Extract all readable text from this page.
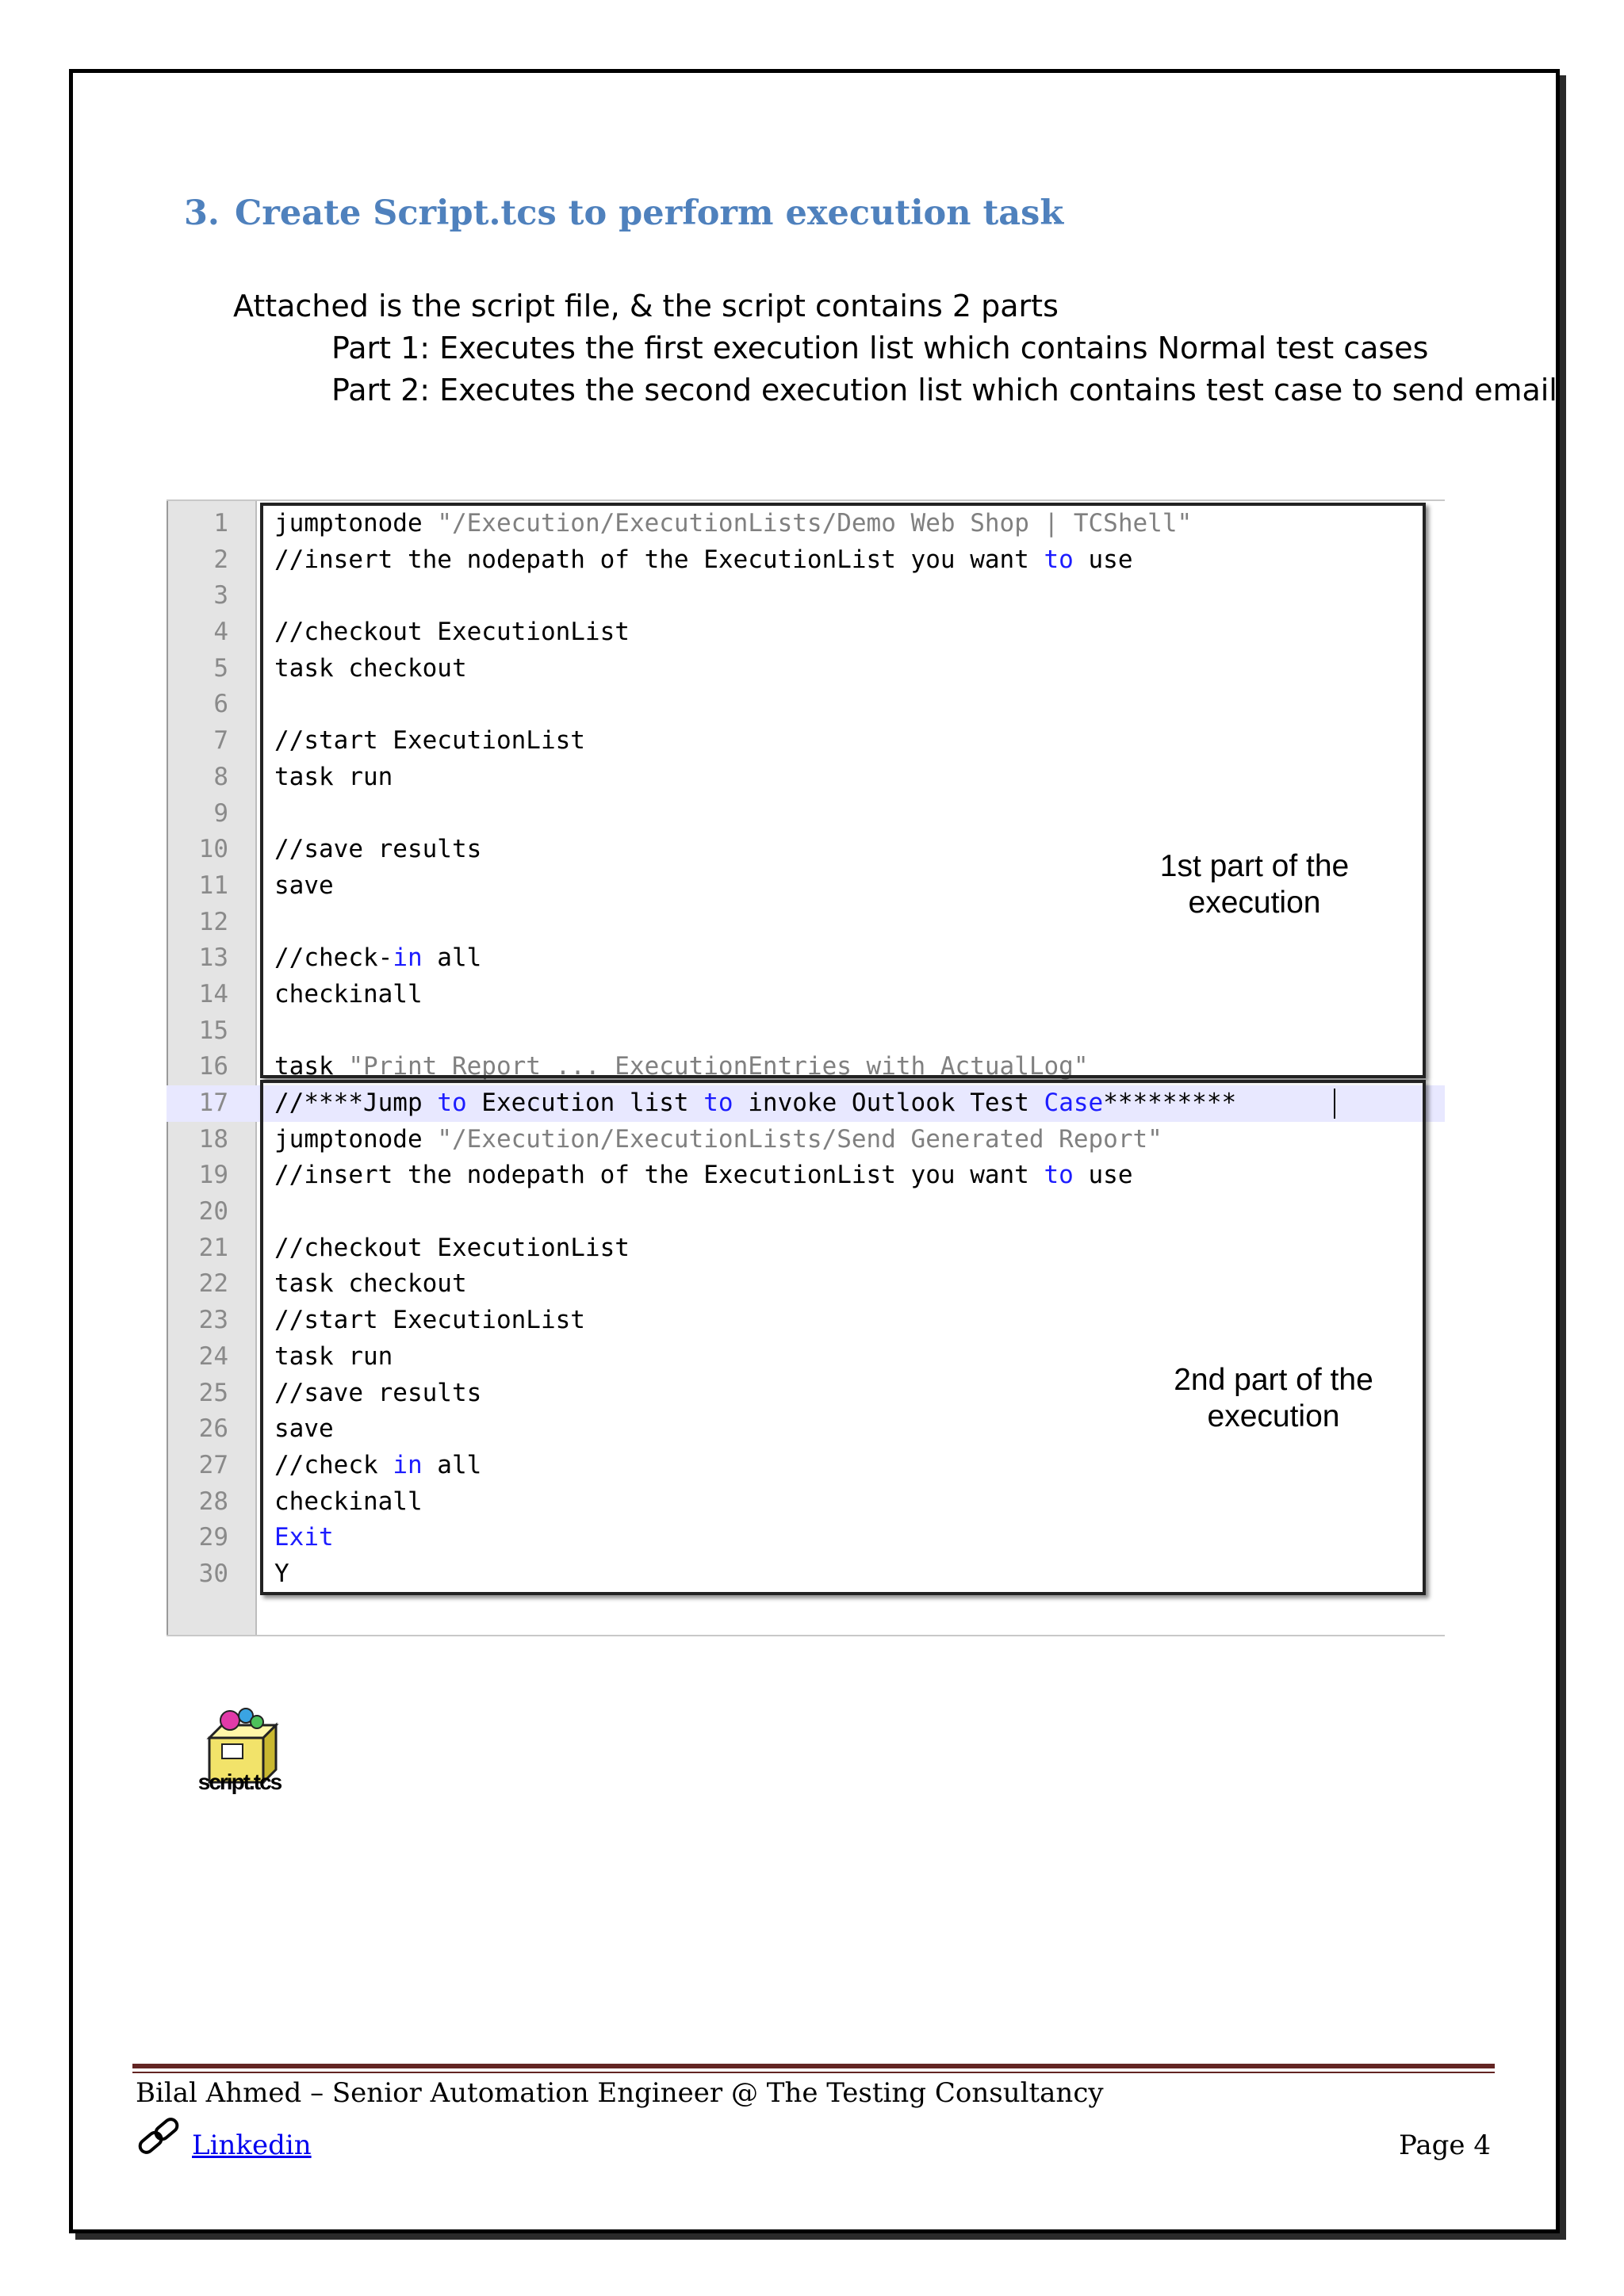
3. Create Script.tcs to perform execution task
Attached is the script file, & the script contains 2 parts
Part 1: Executes the first execution list which contains Normal test cases
Part 2: Executes the second execution list which contains test case to send email
1 jumptonode "/Execution/ExecutionLists/Demo Web Shop | TCShell"
2 //insert the nodepath of the ExecutionList you want to use
3
4 //checkout ExecutionList
5 task checkout
6
7 //start ExecutionList
8 task run
9
10 //save results
11 save
12
13 //check-in all
14 checkinall
15
16 task "Print Report ... ExecutionEntries with ActualLog"
17 //****Jump to Execution list to invoke Outlook Test Case*********
18 jumptonode "/Execution/ExecutionLists/Send Generated Report"
19 //insert the nodepath of the ExecutionList you want to use
20
21 //checkout ExecutionList
22 task checkout
23 //start ExecutionList
24 task run
25 //save results
26 save
27 //check in all
28 checkinall
29 Exit
30 Y
1st part of the
execution
2nd part of the
execution
script.tcs
Bilal Ahmed – Senior Automation Engineer @ The Testing Consultancy
Linkedin	Page 4
